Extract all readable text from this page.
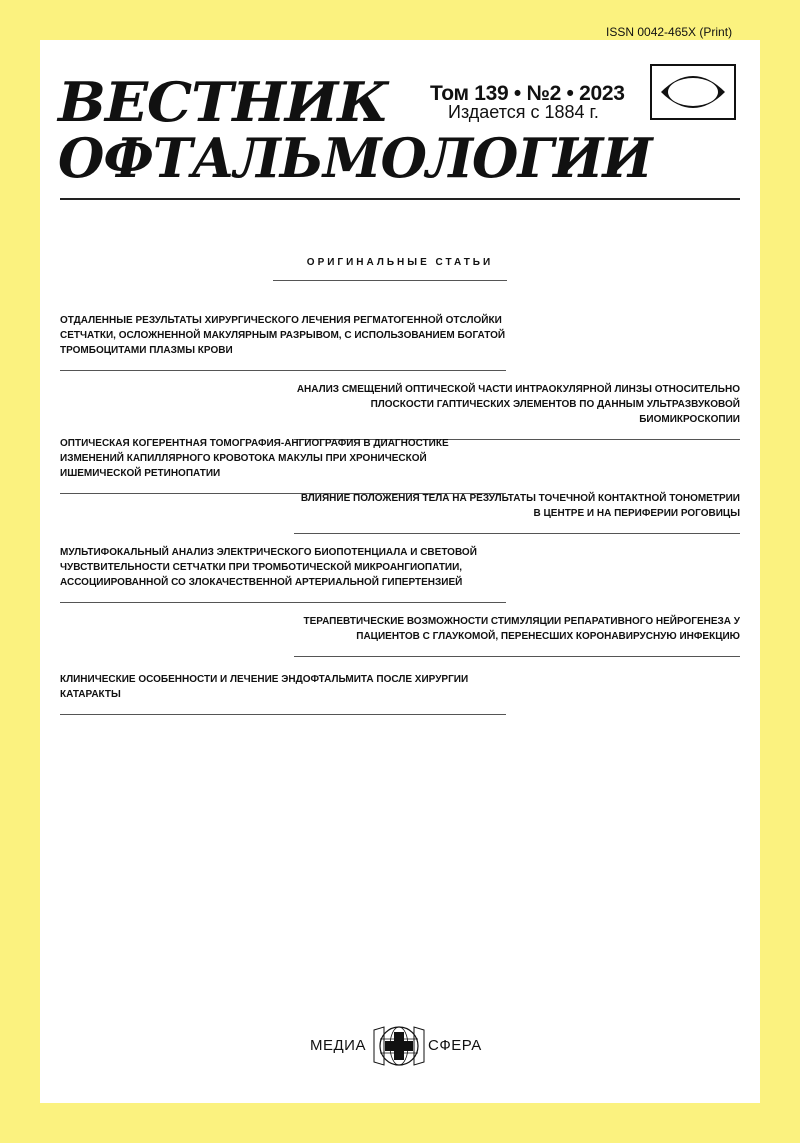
ISSN 0042-465X (Print)
ВЕСТНИК
ОФТАЛЬМОЛОГИИ
Том 139 • №2 • 2023
Издается с 1884 г.
ОРИГИНАЛЬНЫЕ СТАТЬИ
ОТДАЛЕННЫЕ РЕЗУЛЬТАТЫ ХИРУРГИЧЕСКОГО ЛЕЧЕНИЯ РЕГМАТОГЕННОЙ ОТСЛОЙКИ СЕТЧАТКИ, ОСЛОЖНЕННОЙ МАКУЛЯРНЫМ РАЗРЫВОМ, С ИСПОЛЬЗОВАНИЕМ БОГАТОЙ ТРОМБОЦИТАМИ ПЛАЗМЫ КРОВИ
АНАЛИЗ СМЕЩЕНИЙ ОПТИЧЕСКОЙ ЧАСТИ ИНТРАОКУЛЯРНОЙ ЛИНЗЫ ОТНОСИТЕЛЬНО ПЛОСКОСТИ ГАПТИЧЕСКИХ ЭЛЕМЕНТОВ ПО ДАННЫМ УЛЬТРАЗВУКОВОЙ БИОМИКРОСКОПИИ
ОПТИЧЕСКАЯ КОГЕРЕНТНАЯ ТОМОГРАФИЯ-АНГИОГРАФИЯ В ДИАГНОСТИКЕ ИЗМЕНЕНИЙ КАПИЛЛЯРНОГО КРОВОТОКА МАКУЛЫ ПРИ ХРОНИЧЕСКОЙ ИШЕМИЧЕСКОЙ РЕТИНОПАТИИ
ВЛИЯНИЕ ПОЛОЖЕНИЯ ТЕЛА НА РЕЗУЛЬТАТЫ ТОЧЕЧНОЙ КОНТАКТНОЙ ТОНОМЕТРИИ В ЦЕНТРЕ И НА ПЕРИФЕРИИ РОГОВИЦЫ
МУЛЬТИФОКАЛЬНЫЙ АНАЛИЗ ЭЛЕКТРИЧЕСКОГО БИОПОТЕНЦИАЛА И СВЕТОВОЙ ЧУВСТВИТЕЛЬНОСТИ СЕТЧАТКИ ПРИ ТРОМБОТИЧЕСКОЙ МИКРОАНГИОПАТИИ, АССОЦИИРОВАННОЙ СО ЗЛОКАЧЕСТВЕННОЙ АРТЕРИАЛЬНОЙ ГИПЕРТЕНЗИЕЙ
ТЕРАПЕВТИЧЕСКИЕ ВОЗМОЖНОСТИ СТИМУЛЯЦИИ РЕПАРАТИВНОГО НЕЙРОГЕНЕЗА У ПАЦИЕНТОВ С ГЛАУКОМОЙ, ПЕРЕНЕСШИХ КОРОНАВИРУСНУЮ ИНФЕКЦИЮ
КЛИНИЧЕСКИЕ ОСОБЕННОСТИ И ЛЕЧЕНИЕ ЭНДОФТАЛЬМИТА ПОСЛЕ ХИРУРГИИ КАТАРАКТЫ
МЕДИА	СФЕРА
